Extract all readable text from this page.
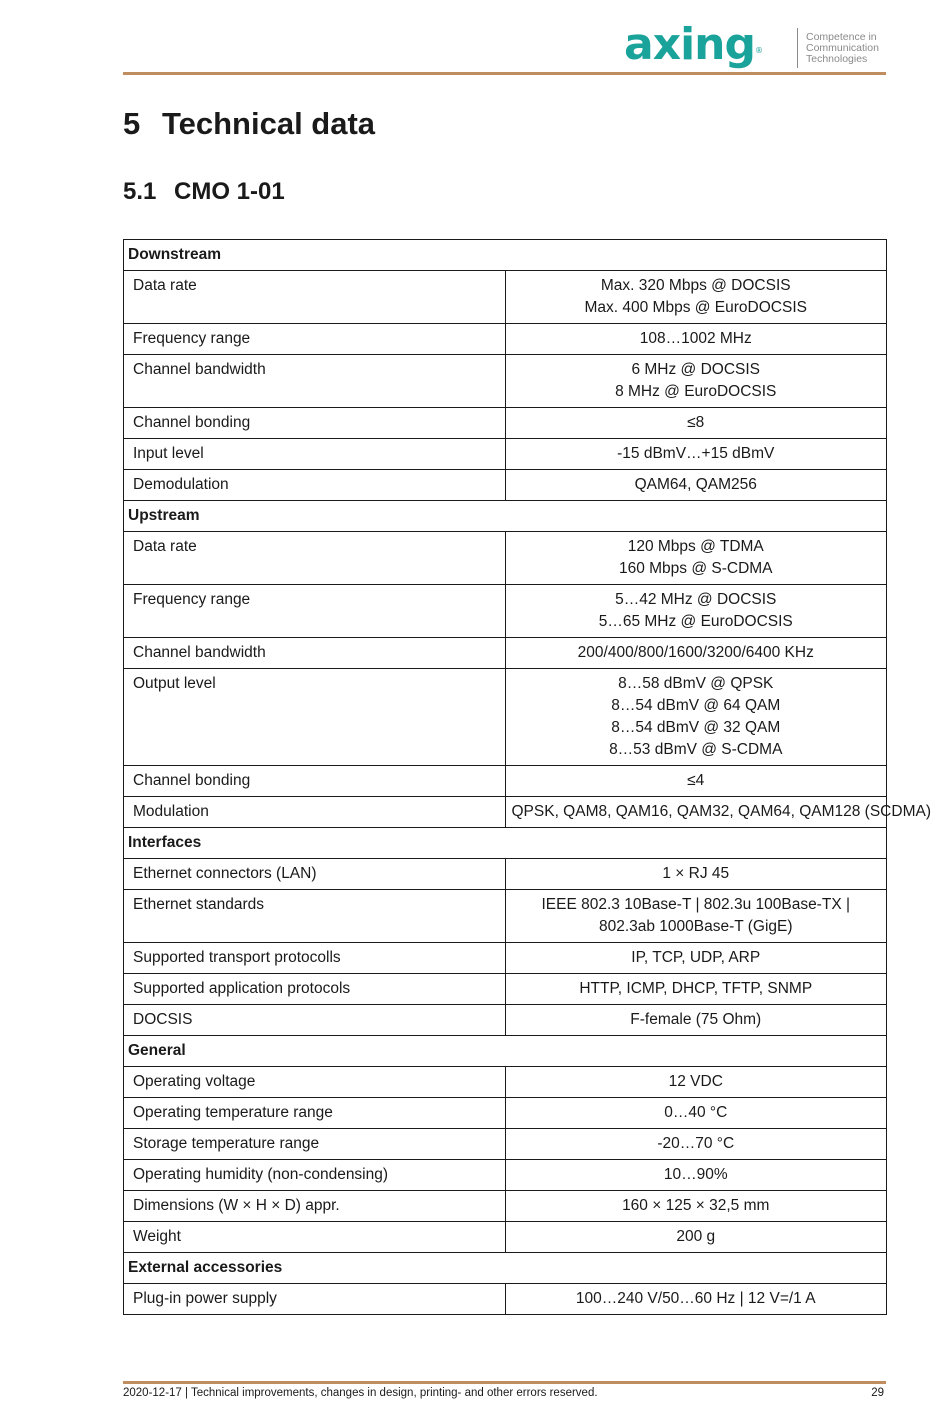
axing®
Competence in
Communication
Technologies
5 Technical data
5.1 CMO 1-01
Downstream	
Data rate	Max. 320 Mbps @ DOCSIS
Max. 400 Mbps @ EuroDOCSIS

Frequency range	108…1002 MHz

Channel bandwidth	6 MHz @ DOCSIS
8 MHz @ EuroDOCSIS

Channel bonding	≤8

Input level	-15 dBmV…+15 dBmV

Demodulation	QAM64, QAM256

Upstream	
Data rate	120 Mbps @ TDMA
160 Mbps @ S-CDMA

Frequency range	5…42 MHz @ DOCSIS
5…65 MHz @ EuroDOCSIS

Channel bandwidth	200/400/800/1600/3200/6400 KHz

Output level	8…58 dBmV @ QPSK
8…54 dBmV @ 64 QAM
8…54 dBmV @ 32 QAM
8…53 dBmV @ S-CDMA

Channel bonding	≤4

Modulation	QPSK, QAM8, QAM16, QAM32, QAM64, QAM128 (SCDMA)

Interfaces	
Ethernet connectors (LAN)	1 × RJ 45

Ethernet standards	IEEE 802.3 10Base-T | 802.3u 100Base-TX | 802.3ab 1000Base-T (GigE)

Supported transport protocolls	IP, TCP, UDP, ARP

Supported application protocols	HTTP, ICMP, DHCP, TFTP, SNMP

DOCSIS	F-female (75 Ohm)

General	
Operating voltage	12 VDC

Operating temperature range	0…40 °C

Storage temperature range	-20…70 °C

Operating humidity (non-condensing)	10…90%

Dimensions (W × H × D) appr.	160 × 125 × 32,5 mm

Weight	200 g

External accessories	
Plug-in power supply	100…240 V/50…60 Hz | 12 V=/1 A
2020-12-17 | Technical improvements, changes in design, printing- and other errors reserved.	29
